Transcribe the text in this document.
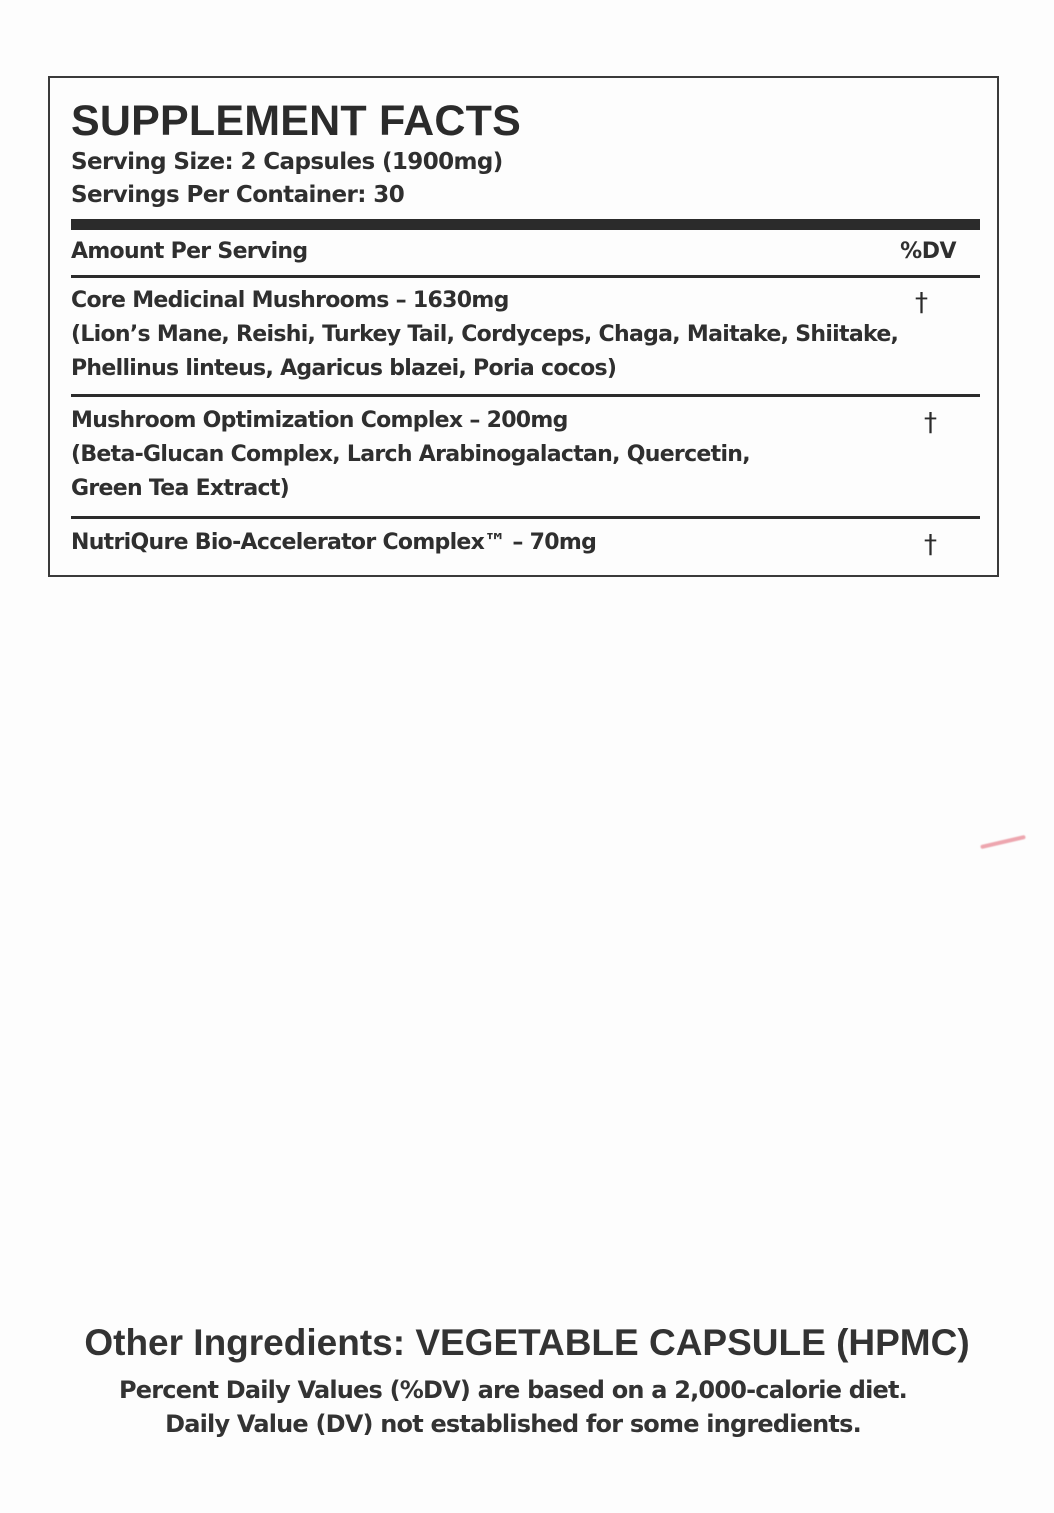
SUPPLEMENT FACTS
Serving Size: 2 Capsules (1900mg)
Servings Per Container: 30
Amount Per Serving	%DV
Core Medicinal Mushrooms – 1630mg	†
(Lion’s Mane, Reishi, Turkey Tail, Cordyceps, Chaga, Maitake, Shiitake,
Phellinus linteus, Agaricus blazei, Poria cocos)
Mushroom Optimization Complex – 200mg	†
(Beta-Glucan Complex, Larch Arabinogalactan, Quercetin,
Green Tea Extract)
NutriQure Bio-Accelerator Complex™ – 70mg	†
Other Ingredients: VEGETABLE CAPSULE (HPMC)
Percent Daily Values (%DV) are based on a 2,000-calorie diet.
Daily Value (DV) not established for some ingredients.
